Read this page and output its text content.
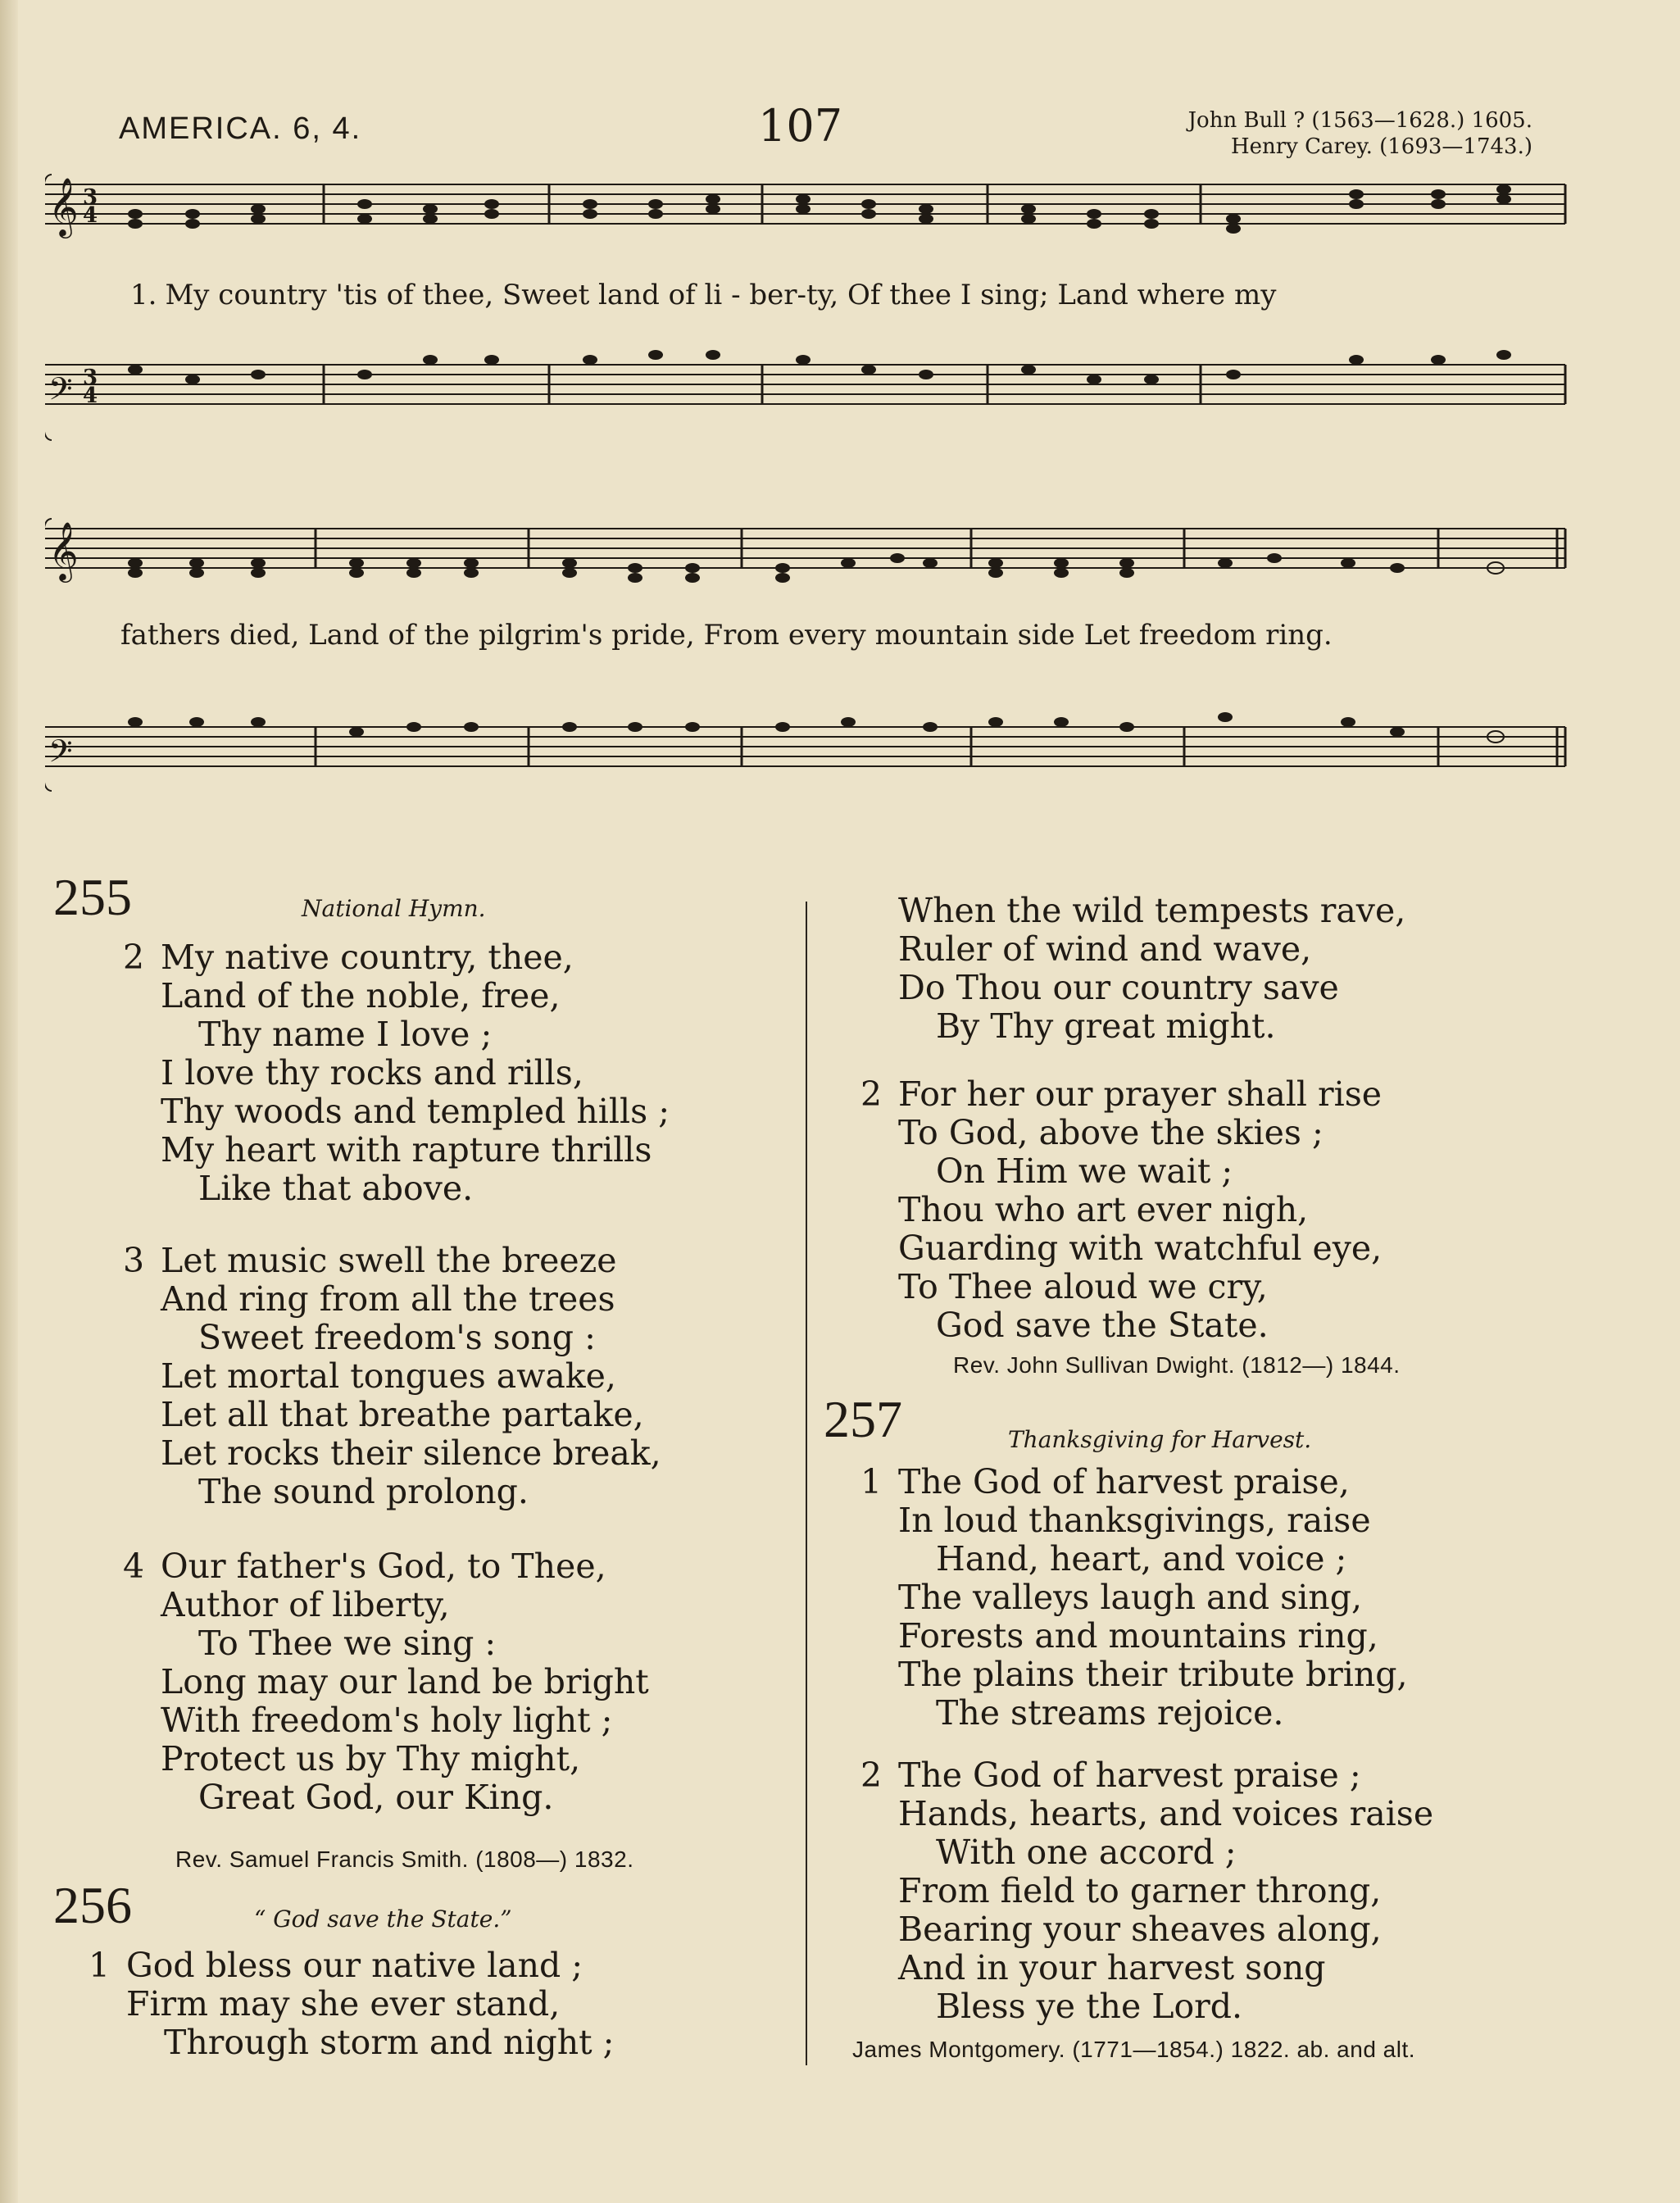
AMERICA. 6, 4.	107	John Bull ? (1563—1628.) 1605.
Henry Carey. (1693—1743.)
𝄞
𝄢
3
4
3
4
1. My country 'tis of thee, Sweet land of li - ber-ty, Of thee I sing; Land where my
𝄞
𝄢
fathers died, Land of the pilgrim's pride, From every mountain side Let freedom ring.
255	National Hymn.
2 My native country, thee,
Land of the noble, free,
Thy name I love ;
I love thy rocks and rills,
Thy woods and templed hills ;
My heart with rapture thrills
Like that above.
3 Let music swell the breeze
And ring from all the trees
Sweet freedom's song :
Let mortal tongues awake,
Let all that breathe partake,
Let rocks their silence break,
The sound prolong.
4 Our father's God, to Thee,
Author of liberty,
To Thee we sing :
Long may our land be bright
With freedom's holy light ;
Protect us by Thy might,
Great God, our King.
Rev. Samuel Francis Smith. (1808—) 1832.
256	“ God save the State.”
1 God bless our native land ;
Firm may she ever stand,
Through storm and night ;
When the wild tempests rave,
Ruler of wind and wave,
Do Thou our country save
By Thy great might.
2 For her our prayer shall rise
To God, above the skies ;
On Him we wait ;
Thou who art ever nigh,
Guarding with watchful eye,
To Thee aloud we cry,
God save the State.
Rev. John Sullivan Dwight. (1812—) 1844.
257	Thanksgiving for Harvest.
1 The God of harvest praise,
In loud thanksgivings, raise
Hand, heart, and voice ;
The valleys laugh and sing,
Forests and mountains ring,
The plains their tribute bring,
The streams rejoice.
2 The God of harvest praise ;
Hands, hearts, and voices raise
With one accord ;
From field to garner throng,
Bearing your sheaves along,
And in your harvest song
Bless ye the Lord.
James Montgomery. (1771—1854.) 1822. ab. and alt.
